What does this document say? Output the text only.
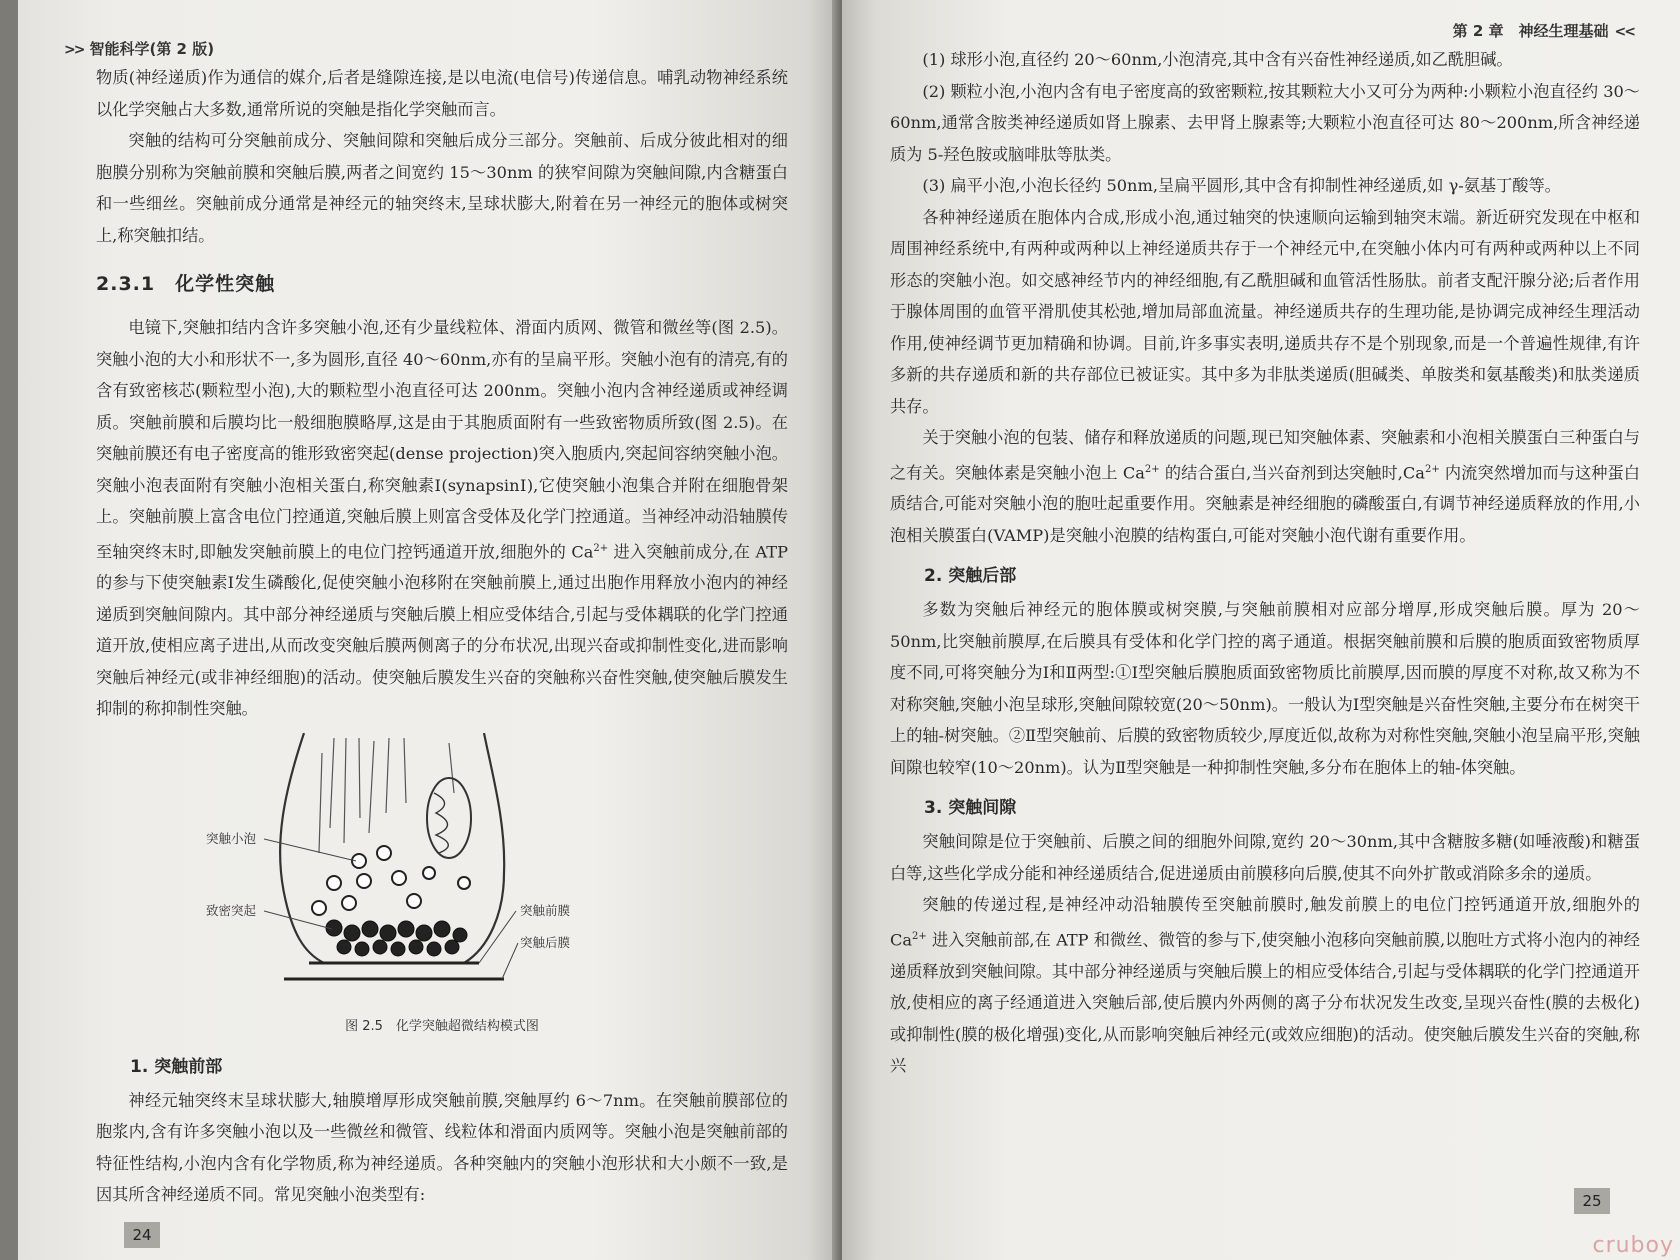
>> 智能科学(第 2 版)

物质(神经递质)作为通信的媒介,后者是缝隙连接,是以电流(电信号)传递信息。哺乳动物神经系统以化学突触占大多数,通常所说的突触是指化学突触而言。

突触的结构可分突触前成分、突触间隙和突触后成分三部分。突触前、后成分彼此相对的细胞膜分别称为突触前膜和突触后膜,两者之间宽约 15～30nm 的狭窄间隙为突触间隙,内含糖蛋白和一些细丝。突触前成分通常是神经元的轴突终末,呈球状膨大,附着在另一神经元的胞体或树突上,称突触扣结。

2.3.1　化学性突触

电镜下,突触扣结内含许多突触小泡,还有少量线粒体、滑面内质网、微管和微丝等(图 2.5)。突触小泡的大小和形状不一,多为圆形,直径 40～60nm,亦有的呈扁平形。突触小泡有的清亮,有的含有致密核芯(颗粒型小泡),大的颗粒型小泡直径可达 200nm。突触小泡内含神经递质或神经调质。突触前膜和后膜均比一般细胞膜略厚,这是由于其胞质面附有一些致密物质所致(图 2.5)。在突触前膜还有电子密度高的锥形致密突起(dense projection)突入胞质内,突起间容纳突触小泡。突触小泡表面附有突触小泡相关蛋白,称突触素Ⅰ(synapsinⅠ),它使突触小泡集合并附在细胞骨架上。突触前膜上富含电位门控通道,突触后膜上则富含受体及化学门控通道。当神经冲动沿轴膜传至轴突终末时,即触发突触前膜上的电位门控钙通道开放,细胞外的 $Ca^{2+}$ 进入突触前成分,在 ATP 的参与下使突触素Ⅰ发生磷酸化,促使突触小泡移附在突触前膜上,通过出胞作用释放小泡内的神经递质到突触间隙内。其中部分神经递质与突触后膜上相应受体结合,引起与受体耦联的化学门控通道开放,使相应离子进出,从而改变突触后膜两侧离子的分布状况,出现兴奋或抑制性变化,进而影响突触后神经元(或非神经细胞)的活动。使突触后膜发生兴奋的突触称兴奋性突触,使突触后膜发生抑制的称抑制性突触。

突触小泡
致密突起	突触前膜
突触后膜
图 2.5　化学突触超微结构模式图
1. 突触前部

神经元轴突终末呈球状膨大,轴膜增厚形成突触前膜,突触厚约 6～7nm。在突触前膜部位的胞浆内,含有许多突触小泡以及一些微丝和微管、线粒体和滑面内质网等。突触小泡是突触前部的特征性结构,小泡内含有化学物质,称为神经递质。各种突触内的突触小泡形状和大小颇不一致,是因其所含神经递质不同。常见突触小泡类型有:

24
第 2 章　神经生理基础 <<

(1) 球形小泡,直径约 20～60nm,小泡清亮,其中含有兴奋性神经递质,如乙酰胆碱。

(2) 颗粒小泡,小泡内含有电子密度高的致密颗粒,按其颗粒大小又可分为两种:小颗粒小泡直径约 30～60nm,通常含胺类神经递质如肾上腺素、去甲肾上腺素等;大颗粒小泡直径可达 80～200nm,所含神经递质为 5-羟色胺或脑啡肽等肽类。

(3) 扁平小泡,小泡长径约 50nm,呈扁平圆形,其中含有抑制性神经递质,如 γ-氨基丁酸等。

各种神经递质在胞体内合成,形成小泡,通过轴突的快速顺向运输到轴突末端。新近研究发现在中枢和周围神经系统中,有两种或两种以上神经递质共存于一个神经元中,在突触小体内可有两种或两种以上不同形态的突触小泡。如交感神经节内的神经细胞,有乙酰胆碱和血管活性肠肽。前者支配汗腺分泌;后者作用于腺体周围的血管平滑肌使其松弛,增加局部血流量。神经递质共存的生理功能,是协调完成神经生理活动作用,使神经调节更加精确和协调。目前,许多事实表明,递质共存不是个别现象,而是一个普遍性规律,有许多新的共存递质和新的共存部位已被证实。其中多为非肽类递质(胆碱类、单胺类和氨基酸类)和肽类递质共存。

关于突触小泡的包装、储存和释放递质的问题,现已知突触体素、突触素和小泡相关膜蛋白三种蛋白与之有关。突触体素是突触小泡上 $Ca^{2+}$ 的结合蛋白,当兴奋剂到达突触时$,Ca^{2+}$ 内流突然增加而与这种蛋白质结合,可能对突触小泡的胞吐起重要作用。突触素是神经细胞的磷酸蛋白,有调节神经递质释放的作用,小泡相关膜蛋白(VAMP)是突触小泡膜的结构蛋白,可能对突触小泡代谢有重要作用。

2. 突触后部

多数为突触后神经元的胞体膜或树突膜,与突触前膜相对应部分增厚,形成突触后膜。厚为 20～50nm,比突触前膜厚,在后膜具有受体和化学门控的离子通道。根据突触前膜和后膜的胞质面致密物质厚度不同,可将突触分为Ⅰ和Ⅱ两型:①Ⅰ型突触后膜胞质面致密物质比前膜厚,因而膜的厚度不对称,故又称为不对称突触,突触小泡呈球形,突触间隙较宽(20～50nm)。一般认为Ⅰ型突触是兴奋性突触,主要分布在树突干上的轴-树突触。②Ⅱ型突触前、后膜的致密物质较少,厚度近似,故称为对称性突触,突触小泡呈扁平形,突触间隙也较窄(10～20nm)。认为Ⅱ型突触是一种抑制性突触,多分布在胞体上的轴-体突触。

3. 突触间隙

突触间隙是位于突触前、后膜之间的细胞外间隙,宽约 20～30nm,其中含糖胺多糖(如唾液酸)和糖蛋白等,这些化学成分能和神经递质结合,促进递质由前膜移向后膜,使其不向外扩散或消除多余的递质。

突触的传递过程,是神经冲动沿轴膜传至突触前膜时,触发前膜上的电位门控钙通道开放,细胞外的 $Ca^{2+}$ 进入突触前部,在 ATP 和微丝、微管的参与下,使突触小泡移向突触前膜,以胞吐方式将小泡内的神经递质释放到突触间隙。其中部分神经递质与突触后膜上的相应受体结合,引起与受体耦联的化学门控通道开放,使相应的离子经通道进入突触后部,使后膜内外两侧的离子分布状况发生改变,呈现兴奋性(膜的去极化)或抑制性(膜的极化增强)变化,从而影响突触后神经元(或效应细胞)的活动。使突触后膜发生兴奋的突触,称兴

25
cruboy
